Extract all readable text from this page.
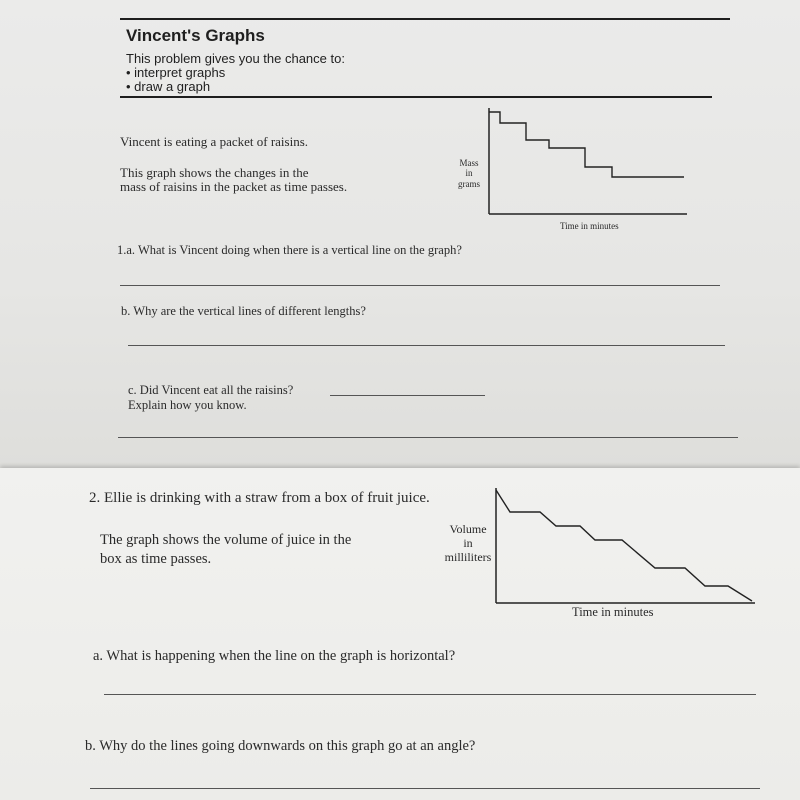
Vincent's Graphs
This problem gives you the chance to:
• interpret graphs
• draw a graph
Vincent is eating a packet of raisins.
This graph shows the changes in the
mass of raisins in the packet as time passes.
Mass
in
grams
Time in minutes
1.a. What is Vincent doing when there is a vertical line on the graph?
b. Why are the vertical lines of different lengths?
c. Did Vincent eat all the raisins?
Explain how you know.
2. Ellie is drinking with a straw from a box of fruit juice.
The graph shows the volume of juice in the
box as time passes.
Volume
in
milliliters
Time in minutes
a. What is happening when the line on the graph is horizontal?
b. Why do the lines going downwards on this graph go at an angle?
